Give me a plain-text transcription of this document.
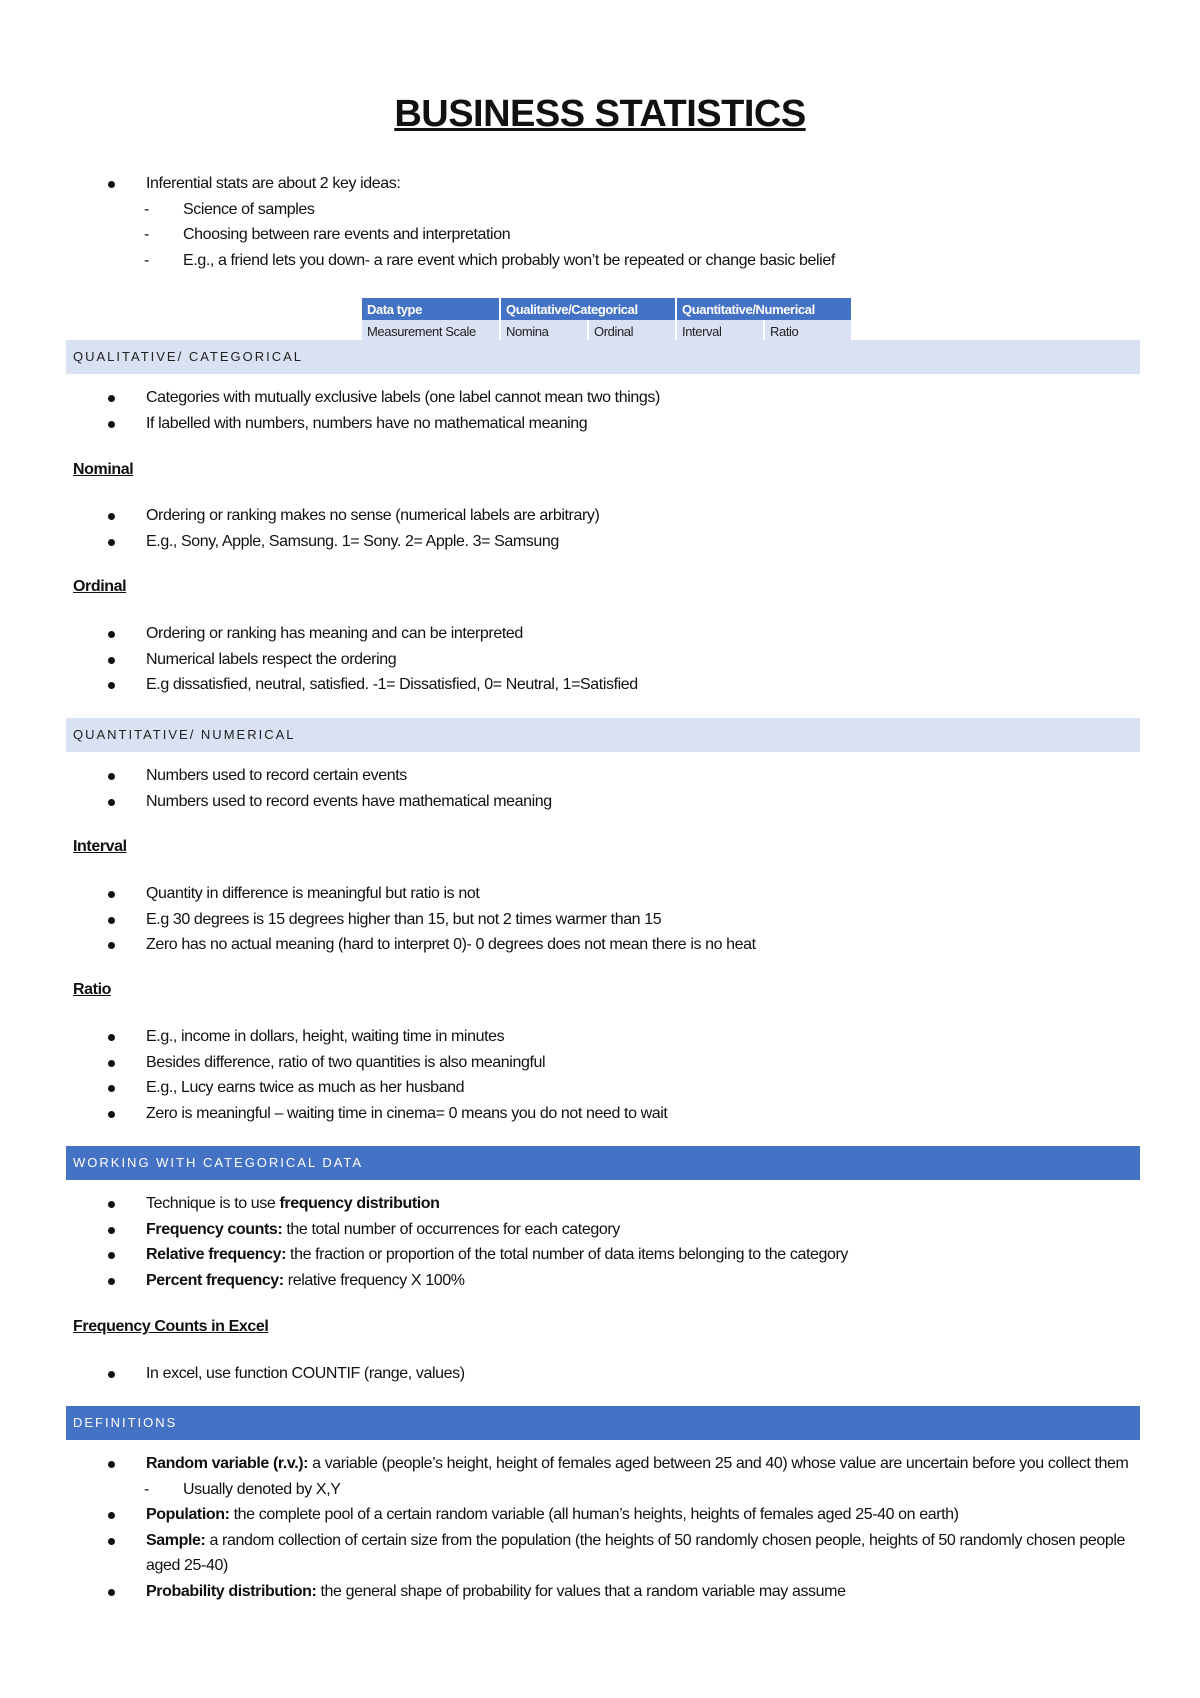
BUSINESS STATISTICS
Inferential stats are about 2 key ideas:
- Science of samples
- Choosing between rare events and interpretation
- E.g., a friend lets you down- a rare event which probably won’t be repeated or change basic belief
Data type	Qualitative/Categorical		Quantitative/Numerical	
Measurement Scale	Nomina	Ordinal	Interval	Ratio
QUALITATIVE/ CATEGORICAL
Categories with mutually exclusive labels (one label cannot mean two things)
If labelled with numbers, numbers have no mathematical meaning
Nominal
Ordering or ranking makes no sense (numerical labels are arbitrary)
E.g., Sony, Apple, Samsung. 1= Sony. 2= Apple. 3= Samsung
Ordinal
Ordering or ranking has meaning and can be interpreted
Numerical labels respect the ordering
E.g dissatisfied, neutral, satisfied. -1= Dissatisfied, 0= Neutral, 1=Satisfied
QUANTITATIVE/ NUMERICAL
Numbers used to record certain events
Numbers used to record events have mathematical meaning
Interval
Quantity in difference is meaningful but ratio is not
E.g 30 degrees is 15 degrees higher than 15, but not 2 times warmer than 15
Zero has no actual meaning (hard to interpret 0)- 0 degrees does not mean there is no heat
Ratio
E.g., income in dollars, height, waiting time in minutes
Besides difference, ratio of two quantities is also meaningful
E.g., Lucy earns twice as much as her husband
Zero is meaningful – waiting time in cinema= 0 means you do not need to wait
WORKING WITH CATEGORICAL DATA
Technique is to use frequency distribution
Frequency counts: the total number of occurrences for each category
Relative frequency: the fraction or proportion of the total number of data items belonging to the category
Percent frequency: relative frequency X 100%
Frequency Counts in Excel
In excel, use function COUNTIF (range, values)
DEFINITIONS
Random variable (r.v.): a variable (people’s height, height of females aged between 25 and 40) whose value are uncertain before you collect them
- Usually denoted by X,Y
Population: the complete pool of a certain random variable (all human’s heights, heights of females aged 25-40 on earth)
Sample: a random collection of certain size from the population (the heights of 50 randomly chosen people, heights of 50 randomly chosen people aged 25-40)
Probability distribution: the general shape of probability for values that a random variable may assume
